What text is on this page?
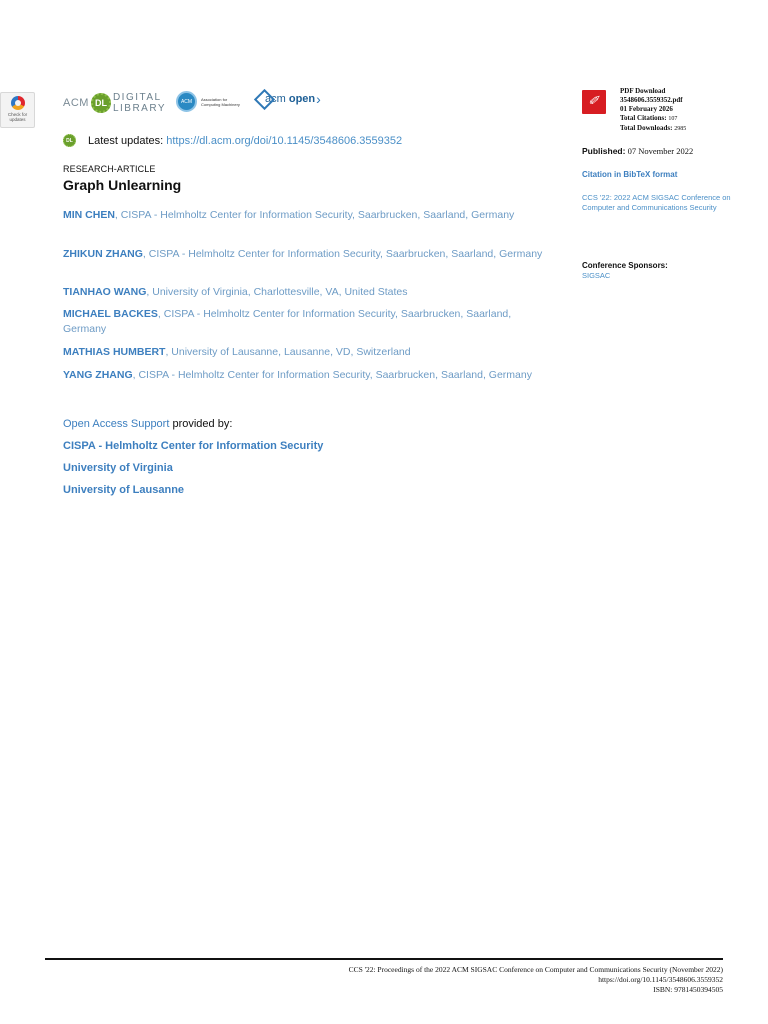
Check for updates
ACM DL DIGITAL
LIBRARY
ACM	Association for
Computing Machinery	acm open ›
DL Latest updates: https://dl.acm.org/doi/10.1145/3548606.3559352
RESEARCH-ARTICLE
Graph Unlearning
MIN CHEN, CISPA - Helmholtz Center for Information Security, Saarbrucken, Saarland, Germany
ZHIKUN ZHANG, CISPA - Helmholtz Center for Information Security, Saarbrucken, Saarland, Germany
TIANHAO WANG, University of Virginia, Charlottesville, VA, United States
MICHAEL BACKES, CISPA - Helmholtz Center for Information Security, Saarbrucken, Saarland, Germany
MATHIAS HUMBERT, University of Lausanne, Lausanne, VD, Switzerland
YANG ZHANG, CISPA - Helmholtz Center for Information Security, Saarbrucken, Saarland, Germany
Open Access Support provided by:
CISPA - Helmholtz Center for Information Security
University of Virginia
University of Lausanne
✐
PDF Download
3548606.3559352.pdf
01 February 2026
Total Citations: 107
Total Downloads: 2985
Published: 07 November 2022
Citation in BibTeX format
CCS '22: 2022 ACM SIGSAC Conference on Computer and Communications Security
Conference Sponsors:
SIGSAC
CCS '22: Proceedings of the 2022 ACM SIGSAC Conference on Computer and Communications Security (November 2022)
https://doi.org/10.1145/3548606.3559352
ISBN: 9781450394505
